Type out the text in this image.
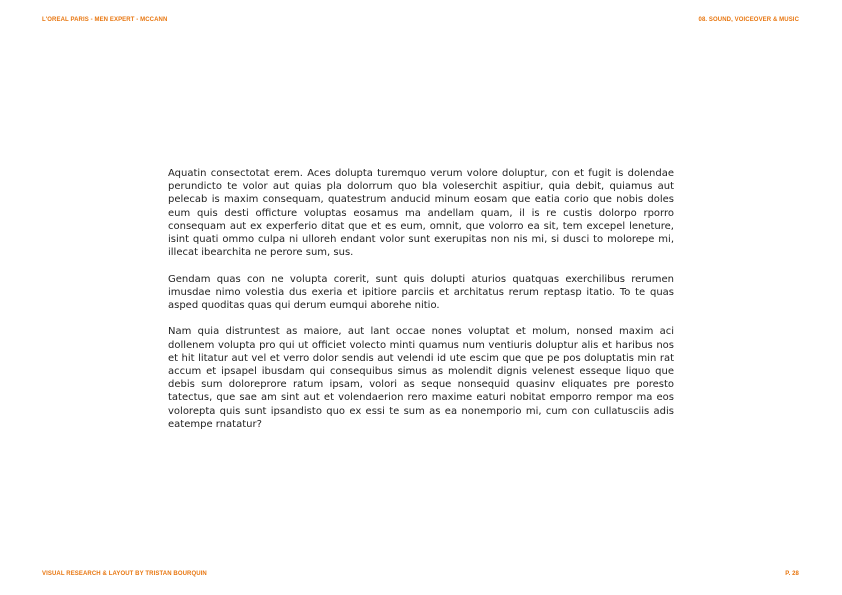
L'OREAL PARIS - MEN EXPERT - MCCANN	08. SOUND, VOICEOVER & MUSIC

Aquatin consectotat erem. Aces dolupta turemquo verum volore doluptur, con et fugit is dolendae perundicto te volor aut quias pla dolorrum quo bla voleserchit aspitiur, quia debit, quiamus aut pelecab is maxim consequam, quatestrum anducid minum eosam que eatia corio que nobis doles eum quis desti officture voluptas eosamus ma andellam quam, il is re custis dolorpo rporro consequam aut ex experferio ditat que et es eum, omnit, que volorro ea sit, tem excepel leneture, isint quati ommo culpa ni ulloreh endant volor sunt exerupitas non nis mi, si dusci to molorepe mi, illecat ibearchita ne perore sum, sus.

Gendam quas con ne volupta corerit, sunt quis dolupti aturios quatquas exerchilibus rerumen imusdae nimo volestia dus exeria et ipitiore parciis et architatus rerum reptasp itatio. To te quas asped quoditas quas qui derum eumqui aborehe nitio.

Nam quia distruntest as maiore, aut lant occae nones voluptat et molum, nonsed maxim aci dollenem volupta pro qui ut officiet volecto minti quamus num ventiuris doluptur alis et haribus nos et hit litatur aut vel et verro dolor sendis aut velendi id ute escim que que pe pos doluptatis min rat accum et ipsapel ibusdam qui consequibus simus as molendit dignis velenest esseque liquo que debis sum doloreprore ratum ipsam, volori as seque nonsequid quasinv eliquates pre poresto tatectus, que sae am sint aut et volendaerion rero maxime eaturi nobitat emporro rempor ma eos volorepta quis sunt ipsandisto quo ex essi te sum as ea nonemporio mi, cum con cullatusciis adis eatempe rnatatur?

VISUAL RESEARCH & LAYOUT BY TRISTAN BOURQUIN	P. 28
